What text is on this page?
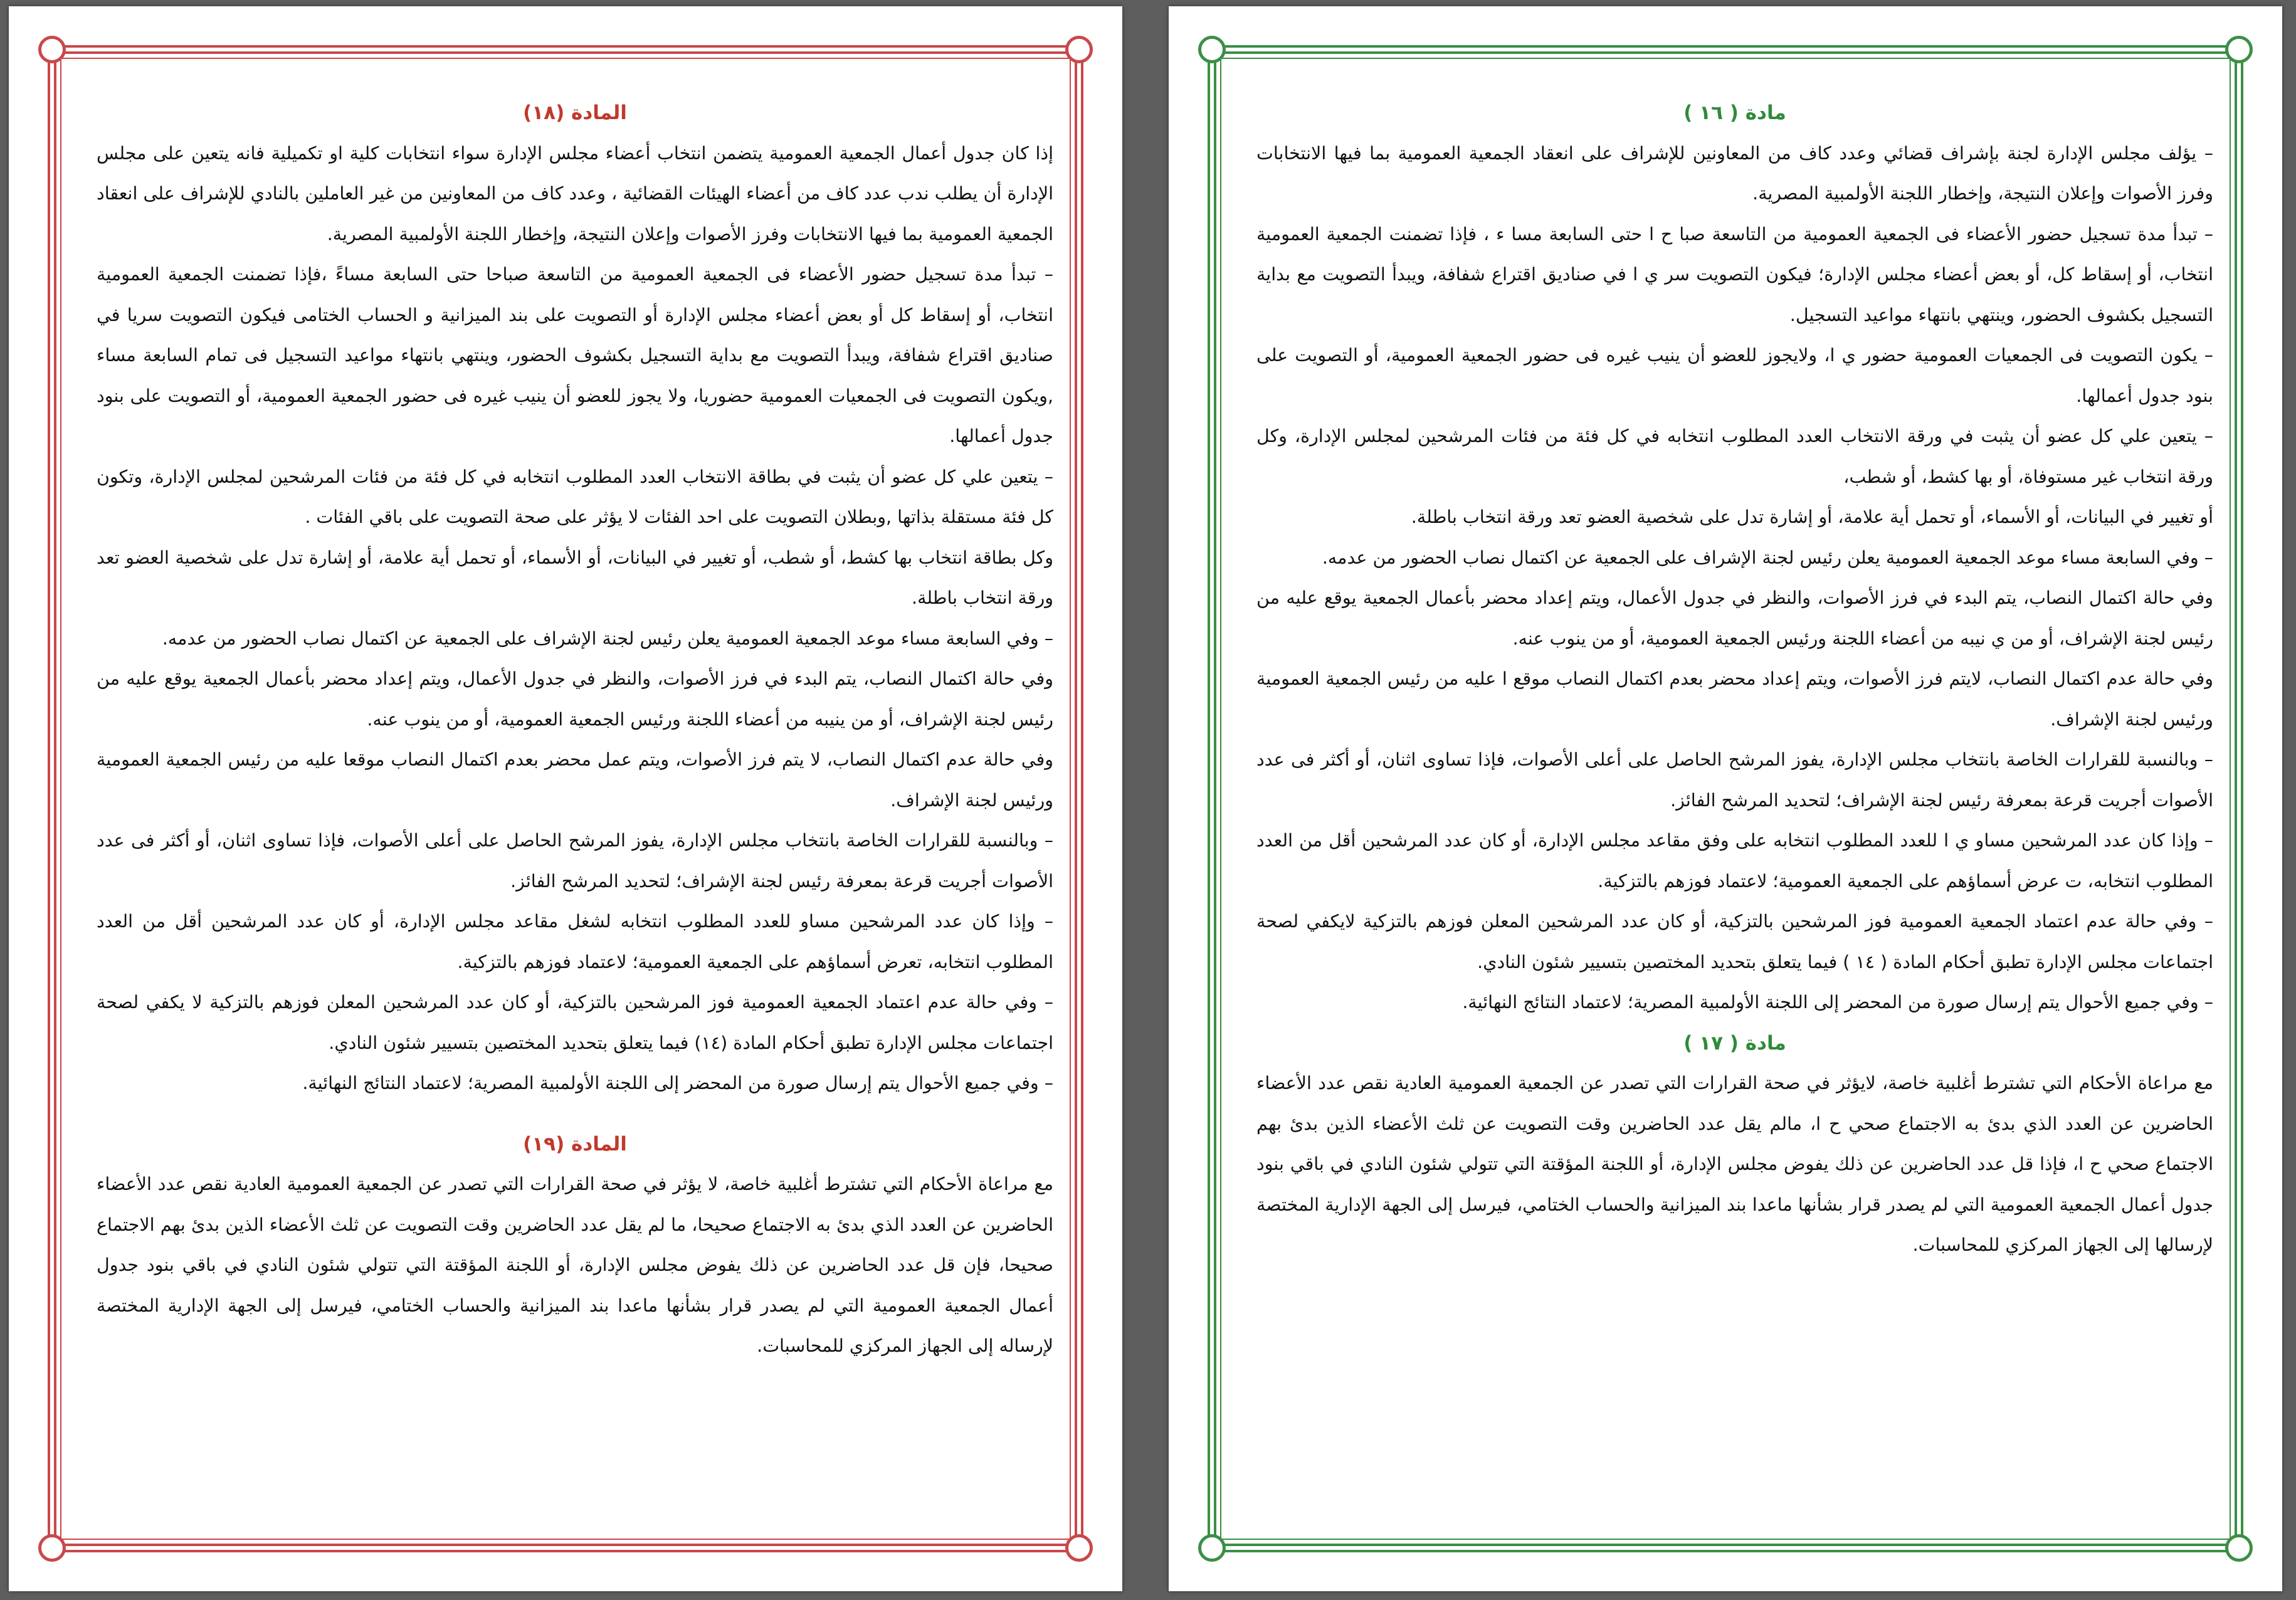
المادة (١٨)

إذا كان جدول أعمال الجمعية العمومية يتضمن انتخاب أعضاء مجلس الإدارة سواء انتخابات كلية او تكميلية فانه يتعين على مجلس الإدارة أن يطلب ندب عدد كاف من أعضاء الهيئات القضائية ، وعدد كاف من المعاونين من غير العاملين بالنادي للإشراف على انعقاد الجمعية العمومية بما فيها الانتخابات وفرز الأصوات وإعلان النتيجة، وإخطار اللجنة الأولمبية المصرية.

– تبدأ مدة تسجيل حضور الأعضاء فى الجمعية العمومية من التاسعة صباحا حتى السابعة مساءً ،فإذا تضمنت الجمعية العمومية انتخاب، أو إسقاط كل أو بعض أعضاء مجلس الإدارة أو التصويت على بند الميزانية و الحساب الختامى فيكون التصويت سريا في صناديق اقتراع شفافة، ويبدأ التصويت مع بداية التسجيل بكشوف الحضور، وينتهي بانتهاء مواعيد التسجيل فى تمام السابعة مساء ,ويكون التصويت فى الجمعيات العمومية حضوريا، ولا يجوز للعضو أن ينيب غيره فى حضور الجمعية العمومية، أو التصويت على بنود جدول أعمالها.

– يتعين علي كل عضو أن يثبت في بطاقة الانتخاب العدد المطلوب انتخابه في كل فئة من فئات المرشحين لمجلس الإدارة، وتكون كل فئة مستقلة بذاتها ,وبطلان التصويت على احد الفئات لا يؤثر على صحة التصويت على باقي الفئات .

وكل بطاقة انتخاب بها كشط، أو شطب، أو تغيير في البيانات، أو الأسماء، أو تحمل أية علامة، أو إشارة تدل على شخصية العضو تعد ورقة انتخاب باطلة.

– وفي السابعة مساء موعد الجمعية العمومية يعلن رئيس لجنة الإشراف على الجمعية عن اكتمال نصاب الحضور من عدمه.

وفي حالة اكتمال النصاب، يتم البدء في فرز الأصوات، والنظر في جدول الأعمال، ويتم إعداد محضر بأعمال الجمعية يوقع عليه من رئيس لجنة الإشراف، أو من ينيبه من أعضاء اللجنة ورئيس الجمعية العمومية، أو من ينوب عنه.

وفي حالة عدم اكتمال النصاب، لا يتم فرز الأصوات، ويتم عمل محضر بعدم اكتمال النصاب موقعا عليه من رئيس الجمعية العمومية ورئيس لجنة الإشراف.

– وبالنسبة للقرارات الخاصة بانتخاب مجلس الإدارة، يفوز المرشح الحاصل على أعلى الأصوات، فإذا تساوى اثنان، أو أكثر فى عدد الأصوات أجريت قرعة بمعرفة رئيس لجنة الإشراف؛ لتحديد المرشح الفائز.

– وإذا كان عدد المرشحين مساو للعدد المطلوب انتخابه لشغل مقاعد مجلس الإدارة، أو كان عدد المرشحين أقل من العدد المطلوب انتخابه، تعرض أسماؤهم على الجمعية العمومية؛ لاعتماد فوزهم بالتزكية.

– وفي حالة عدم اعتماد الجمعية العمومية فوز المرشحين بالتزكية، أو كان عدد المرشحين المعلن فوزهم بالتزكية لا يكفي لصحة اجتماعات مجلس الإدارة تطبق أحكام المادة (١٤) فيما يتعلق بتحديد المختصين بتسيير شئون النادي.

– وفي جميع الأحوال يتم إرسال صورة من المحضر إلى اللجنة الأولمبية المصرية؛ لاعتماد النتائج النهائية.

المادة (١٩)

مع مراعاة الأحكام التي تشترط أغلبية خاصة، لا يؤثر في صحة القرارات التي تصدر عن الجمعية العمومية العادية نقص عدد الأعضاء الحاضرين عن العدد الذي بدئ به الاجتماع صحيحا، ما لم يقل عدد الحاضرين وقت التصويت عن ثلث الأعضاء الذين بدئ بهم الاجتماع صحيحا، فإن قل عدد الحاضرين عن ذلك يفوض مجلس الإدارة، أو اللجنة المؤقتة التي تتولي شئون النادي في باقي بنود جدول أعمال الجمعية العمومية التي لم يصدر قرار بشأنها ماعدا بند الميزانية والحساب الختامي، فيرسل إلى الجهة الإدارية المختصة لإرساله إلى الجهاز المركزي للمحاسبات.

مادة ( ١٦ )

– يؤلف مجلس الإدارة لجنة بإشراف قضائي وعدد كاف من المعاونين للإشراف على انعقاد الجمعية العمومية بما فيها الانتخابات وفرز الأصوات وإعلان النتيجة، وإخطار اللجنة الأولمبية المصرية.

– تبدأ مدة تسجيل حضور الأعضاء فى الجمعية العمومية من التاسعة صبا ح ا حتى السابعة مسا ء ، فإذا تضمنت الجمعية العمومية انتخاب، أو إسقاط كل، أو بعض أعضاء مجلس الإدارة؛ فيكون التصويت سر ي ا في صناديق اقتراع شفافة، ويبدأ التصويت مع بداية التسجيل بكشوف الحضور، وينتهي بانتهاء مواعيد التسجيل.

– يكون التصويت فى الجمعيات العمومية حضور ي ا، ولايجوز للعضو أن ينيب غيره فى حضور الجمعية العمومية، أو التصويت على بنود جدول أعمالها.

– يتعين علي كل عضو أن يثبت في ورقة الانتخاب العدد المطلوب انتخابه في كل فئة من فئات المرشحين لمجلس الإدارة، وكل ورقة انتخاب غير مستوفاة، أو بها كشط، أو شطب،

أو تغيير في البيانات، أو الأسماء، أو تحمل أية علامة، أو إشارة تدل على شخصية العضو تعد ورقة انتخاب باطلة.

– وفي السابعة مساء موعد الجمعية العمومية يعلن رئيس لجنة الإشراف على الجمعية عن اكتمال نصاب الحضور من عدمه.

وفي حالة اكتمال النصاب، يتم البدء في فرز الأصوات، والنظر في جدول الأعمال، ويتم إعداد محضر بأعمال الجمعية يوقع عليه من رئيس لجنة الإشراف، أو من ي نيبه من أعضاء اللجنة ورئيس الجمعية العمومية، أو من ينوب عنه.

وفي حالة عدم اكتمال النصاب، لايتم فرز الأصوات، ويتم إعداد محضر بعدم اكتمال النصاب موقع ا عليه من رئيس الجمعية العمومية ورئيس لجنة الإشراف.

– وبالنسبة للقرارات الخاصة بانتخاب مجلس الإدارة، يفوز المرشح الحاصل على أعلى الأصوات، فإذا تساوى اثنان، أو أكثر فى عدد الأصوات أجريت قرعة بمعرفة رئيس لجنة الإشراف؛ لتحديد المرشح الفائز.

– وإذا كان عدد المرشحين مساو ي ا للعدد المطلوب انتخابه على وفق مقاعد مجلس الإدارة، أو كان عدد المرشحين أقل من العدد المطلوب انتخابه، ت عرض أسماؤهم على الجمعية العمومية؛ لاعتماد فوزهم بالتزكية.

– وفي حالة عدم اعتماد الجمعية العمومية فوز المرشحين بالتزكية، أو كان عدد المرشحين المعلن فوزهم بالتزكية لايكفي لصحة اجتماعات مجلس الإدارة تطبق أحكام المادة ( ١٤ ) فيما يتعلق بتحديد المختصين بتسيير شئون النادي.

– وفي جميع الأحوال يتم إرسال صورة من المحضر إلى اللجنة الأولمبية المصرية؛ لاعتماد النتائج النهائية.

مادة ( ١٧ )

مع مراعاة الأحكام التي تشترط أغلبية خاصة، لايؤثر في صحة القرارات التي تصدر عن الجمعية العمومية العادية نقص عدد الأعضاء الحاضرين عن العدد الذي بدئ به الاجتماع صحي ح ا، مالم يقل عدد الحاضرين وقت التصويت عن ثلث الأعضاء الذين بدئ بهم الاجتماع صحي ح ا، فإذا قل عدد الحاضرين عن ذلك يفوض مجلس الإدارة، أو اللجنة المؤقتة التي تتولي شئون النادي في باقي بنود جدول أعمال الجمعية العمومية التي لم يصدر قرار بشأنها ماعدا بند الميزانية والحساب الختامي، فيرسل إلى الجهة الإدارية المختصة لإرسالها إلى الجهاز المركزي للمحاسبات.
